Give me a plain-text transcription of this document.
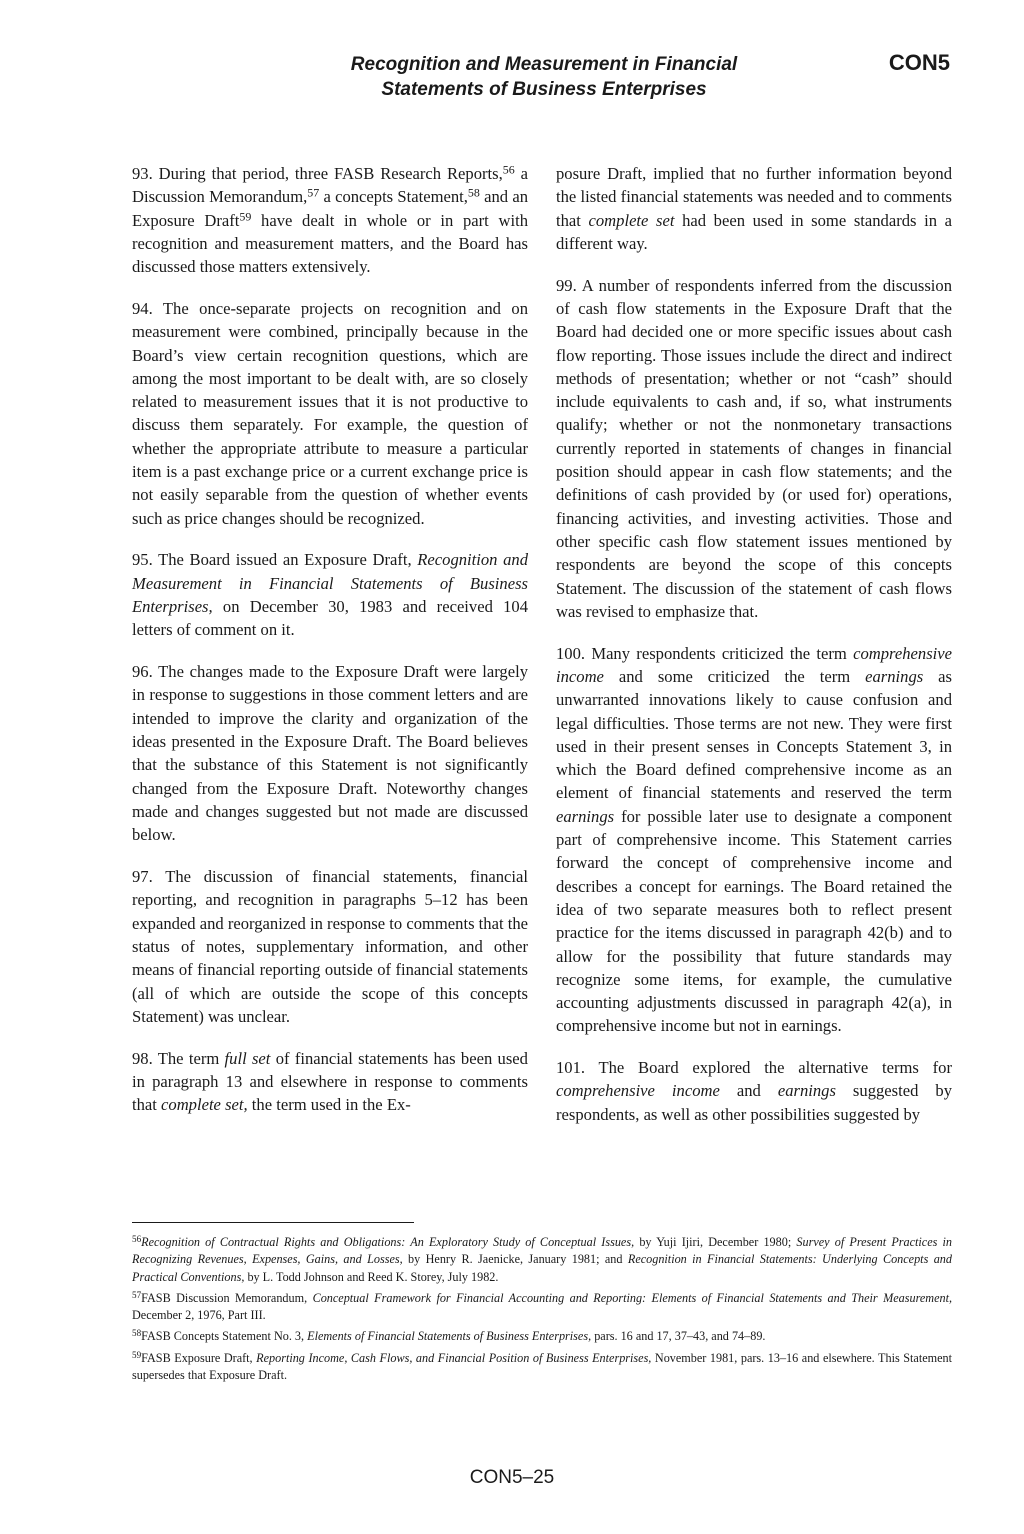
Recognition and Measurement in Financial
Statements of Business Enterprises
CON5

93. During that period, three FASB Research Reports,$^{56}$ a Discussion Memorandum,$^{57}$ a concepts Statement,$^{58}$ and an Exposure Draft$^{59}$ have dealt in whole or in part with recognition and measurement matters, and the Board has discussed those matters extensively.

94. The once-separate projects on recognition and on measurement were combined, principally because in the Board’s view certain recognition questions, which are among the most important to be dealt with, are so closely related to measurement issues that it is not productive to discuss them separately. For example, the question of whether the appropriate attribute to measure a particular item is a past exchange price or a current exchange price is not easily separable from the question of whether events such as price changes should be recognized.

95. The Board issued an Exposure Draft, Recognition and Measurement in Financial Statements of Business Enterprises, on December 30, 1983 and received 104 letters of comment on it.

96. The changes made to the Exposure Draft were largely in response to suggestions in those comment letters and are intended to improve the clarity and organization of the ideas presented in the Exposure Draft. The Board believes that the substance of this Statement is not significantly changed from the Exposure Draft. Noteworthy changes made and changes suggested but not made are discussed below.

97. The discussion of financial statements, financial reporting, and recognition in paragraphs 5–12 has been expanded and reorganized in response to comments that the status of notes, supplementary information, and other means of financial reporting outside of financial statements (all of which are outside the scope of this concepts Statement) was unclear.

98. The term full set of financial statements has been used in paragraph 13 and elsewhere in response to comments that complete set, the term used in the Ex-

posure Draft, implied that no further information beyond the listed financial statements was needed and to comments that complete set had been used in some standards in a different way.

99. A number of respondents inferred from the discussion of cash flow statements in the Exposure Draft that the Board had decided one or more specific issues about cash flow reporting. Those issues include the direct and indirect methods of presentation; whether or not “cash” should include equivalents to cash and, if so, what instruments qualify; whether or not the nonmonetary transactions currently reported in statements of changes in financial position should appear in cash flow statements; and the definitions of cash provided by (or used for) operations, financing activities, and investing activities. Those and other specific cash flow statement issues mentioned by respondents are beyond the scope of this concepts Statement. The discussion of the statement of cash flows was revised to emphasize that.

100. Many respondents criticized the term comprehensive income and some criticized the term earnings as unwarranted innovations likely to cause confusion and legal difficulties. Those terms are not new. They were first used in their present senses in Concepts Statement 3, in which the Board defined comprehensive income as an element of financial statements and reserved the term earnings for possible later use to designate a component part of comprehensive income. This Statement carries forward the concept of comprehensive income and describes a concept for earnings. The Board retained the idea of two separate measures both to reflect present practice for the items discussed in paragraph 42(b) and to allow for the possibility that future standards may recognize some items, for example, the cumulative accounting adjustments discussed in paragraph 42(a), in comprehensive income but not in earnings.

101. The Board explored the alternative terms for comprehensive income and earnings suggested by respondents, as well as other possibilities suggested by

$^{56}$Recognition of Contractual Rights and Obligations: An Exploratory Study of Conceptual Issues, by Yuji Ijiri, December 1980; Survey of Present Practices in Recognizing Revenues, Expenses, Gains, and Losses, by Henry R. Jaenicke, January 1981; and Recognition in Financial Statements: Underlying Concepts and Practical Conventions, by L. Todd Johnson and Reed K. Storey, July 1982.

$^{57}$FASB Discussion Memorandum, Conceptual Framework for Financial Accounting and Reporting: Elements of Financial Statements and Their Measurement, December 2, 1976, Part III.

$^{58}$FASB Concepts Statement No. 3, Elements of Financial Statements of Business Enterprises, pars. 16 and 17, 37–43, and 74–89.

$^{59}$FASB Exposure Draft, Reporting Income, Cash Flows, and Financial Position of Business Enterprises, November 1981, pars. 13–16 and elsewhere. This Statement supersedes that Exposure Draft.

CON5–25
